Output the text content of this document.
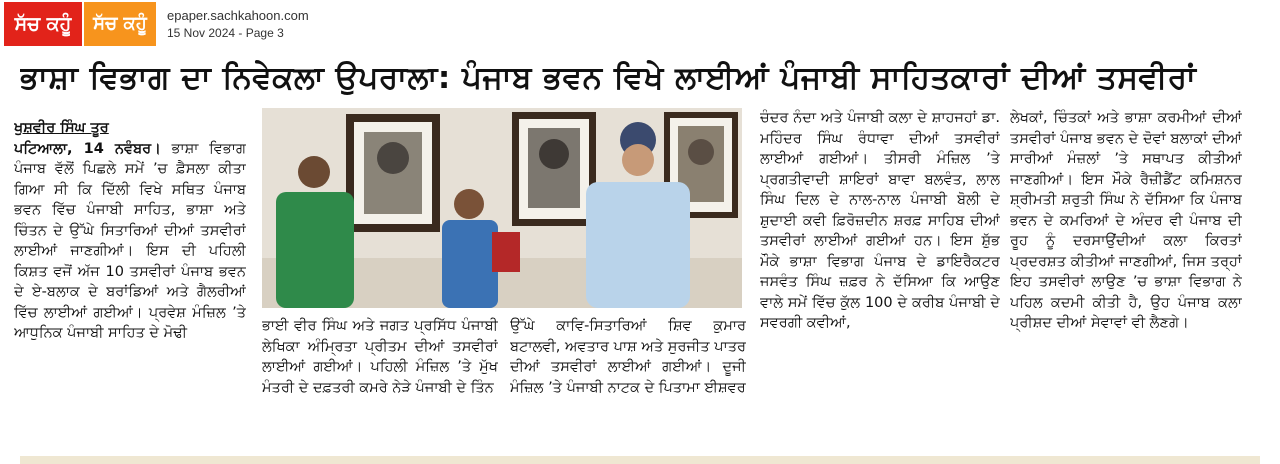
ਸੱਚ ਕਹੂੰ	ਸੱਚ ਕਹੂੰ	epaper.sachkahoon.com
15 Nov 2024 - Page 3
ਭਾਸ਼ਾ ਵਿਭਾਗ ਦਾ ਨਿਵੇਕਲਾ ਉਪਰਾਲਾ: ਪੰਜਾਬ ਭਵਨ ਵਿਖੇ ਲਾਈਆਂ ਪੰਜਾਬੀ ਸਾਹਿਤਕਾਰਾਂ ਦੀਆਂ ਤਸਵੀਰਾਂ
ਖੁਸ਼ਵੀਰ ਸਿੰਘ ਤੂਰ
ਪਟਿਆਲਾ, 14 ਨਵੰਬਰ। ਭਾਸ਼ਾ ਵਿਭਾਗ ਪੰਜਾਬ ਵੱਲੋਂ ਪਿਛਲੇ ਸਮੇਂ ’ਚ ਫ਼ੈਸਲਾ ਕੀਤਾ ਗਿਆ ਸੀ ਕਿ ਦਿੱਲੀ ਵਿਖੇ ਸਥਿਤ ਪੰਜਾਬ ਭਵਨ ਵਿੱਚ ਪੰਜਾਬੀ ਸਾਹਿਤ, ਭਾਸ਼ਾ ਅਤੇ ਚਿੰਤਨ ਦੇ ਉੱਘੇ ਸਿਤਾਰਿਆਂ ਦੀਆਂ ਤਸਵੀਰਾਂ ਲਾਈਆਂ ਜਾਣਗੀਆਂ। ਇਸ ਦੀ ਪਹਿਲੀ ਕਿਸ਼ਤ ਵਜੋਂ ਅੱਜ 10 ਤਸਵੀਰਾਂ ਪੰਜਾਬ ਭਵਨ ਦੇ ਏ-ਬਲਾਕ ਦੇ ਬਰਾਂਡਿਆਂ ਅਤੇ ਗੈਲਰੀਆਂ ਵਿੱਚ ਲਾਈਆਂ ਗਈਆਂ। ਪ੍ਰਵੇਸ਼ ਮੰਜ਼ਿਲ ’ਤੇ ਆਧੁਨਿਕ ਪੰਜਾਬੀ ਸਾਹਿਤ ਦੇ ਮੋਢੀ	ਭਾਈ ਵੀਰ ਸਿੰਘ ਅਤੇ ਜਗਤ ਪ੍ਰਸਿੱਧ ਪੰਜਾਬੀ ਲੇਖਿਕਾ ਅੰਮ੍ਰਿਤਾ ਪ੍ਰੀਤਮ ਦੀਆਂ ਤਸਵੀਰਾਂ ਲਾਈਆਂ ਗਈਆਂ। ਪਹਿਲੀ ਮੰਜ਼ਿਲ ’ਤੇ ਮੁੱਖ ਮੰਤਰੀ ਦੇ ਦਫ਼ਤਰੀ ਕਮਰੇ ਨੇੜੇ ਪੰਜਾਬੀ ਦੇ ਤਿੰਨ
ਉੱਘੇ ਕਾਵਿ-ਸਿਤਾਰਿਆਂ ਸ਼ਿਵ ਕੁਮਾਰ ਬਟਾਲਵੀ, ਅਵਤਾਰ ਪਾਸ਼ ਅਤੇ ਸੁਰਜੀਤ ਪਾਤਰ ਦੀਆਂ ਤਸਵੀਰਾਂ ਲਾਈਆਂ ਗਈਆਂ। ਦੂਜੀ ਮੰਜ਼ਿਲ ’ਤੇ ਪੰਜਾਬੀ ਨਾਟਕ ਦੇ ਪਿਤਾਮਾ ਈਸ਼ਵਰ
ਚੰਦਰ ਨੰਦਾ ਅਤੇ ਪੰਜਾਬੀ ਕਲਾ ਦੇ ਸ਼ਾਹਜਹਾਂ ਡਾ. ਮਹਿੰਦਰ ਸਿੰਘ ਰੰਧਾਵਾ ਦੀਆਂ ਤਸਵੀਰਾਂ ਲਾਈਆਂ ਗਈਆਂ। ਤੀਸਰੀ ਮੰਜ਼ਿਲ ’ਤੇ ਪ੍ਰਗਤੀਵਾਦੀ ਸ਼ਾਇਰਾਂ ਬਾਵਾ ਬਲਵੰਤ, ਲਾਲ ਸਿੰਘ ਦਿਲ ਦੇ ਨਾਲ-ਨਾਲ ਪੰਜਾਬੀ ਬੋਲੀ ਦੇ ਸ਼ੁਦਾਈ ਕਵੀ ਫ਼ਿਰੋਜ਼ਦੀਨ ਸ਼ਰਫ਼ ਸਾਹਿਬ ਦੀਆਂ ਤਸਵੀਰਾਂ ਲਾਈਆਂ ਗਈਆਂ ਹਨ। ਇਸ ਸ਼ੁੱਭ ਮੌਕੇ ਭਾਸ਼ਾ ਵਿਭਾਗ ਪੰਜਾਬ ਦੇ ਡਾਇਰੈਕਟਰ ਜਸਵੰਤ ਸਿੰਘ ਜ਼ਫ਼ਰ ਨੇ ਦੱਸਿਆ ਕਿ ਆਉਣ ਵਾਲੇ ਸਮੇਂ ਵਿੱਚ ਕੁੱਲ 100 ਦੇ ਕਰੀਬ ਪੰਜਾਬੀ ਦੇ ਸਵਰਗੀ ਕਵੀਆਂ,
ਲੇਖਕਾਂ, ਚਿੰਤਕਾਂ ਅਤੇ ਭਾਸ਼ਾ ਕਰਮੀਆਂ ਦੀਆਂ ਤਸਵੀਰਾਂ ਪੰਜਾਬ ਭਵਨ ਦੇ ਦੋਵਾਂ ਬਲਾਕਾਂ ਦੀਆਂ ਸਾਰੀਆਂ ਮੰਜ਼ਲਾਂ ’ਤੇ ਸਥਾਪਤ ਕੀਤੀਆਂ ਜਾਣਗੀਆਂ। ਇਸ ਮੌਕੇ ਰੈਜ਼ੀਡੈਂਟ ਕਮਿਸ਼ਨਰ ਸ਼੍ਰੀਮਤੀ ਸ਼ਰੁਤੀ ਸਿੰਘ ਨੇ ਦੱਸਿਆ ਕਿ ਪੰਜਾਬ ਭਵਨ ਦੇ ਕਮਰਿਆਂ ਦੇ ਅੰਦਰ ਵੀ ਪੰਜਾਬ ਦੀ ਰੂਹ ਨੂੰ ਦਰਸਾਉਂਦੀਆਂ ਕਲਾ ਕਿਰਤਾਂ ਪ੍ਰਦਰਸ਼ਤ ਕੀਤੀਆਂ ਜਾਣਗੀਆਂ, ਜਿਸ ਤਰ੍ਹਾਂ ਇਹ ਤਸਵੀਰਾਂ ਲਾਉਣ ’ਚ ਭਾਸ਼ਾ ਵਿਭਾਗ ਨੇ ਪਹਿਲ ਕਦਮੀ ਕੀਤੀ ਹੈ, ਉਹ ਪੰਜਾਬ ਕਲਾ ਪ੍ਰੀਸ਼ਦ ਦੀਆਂ ਸੇਵਾਵਾਂ ਵੀ ਲੈਣਗੇ।
